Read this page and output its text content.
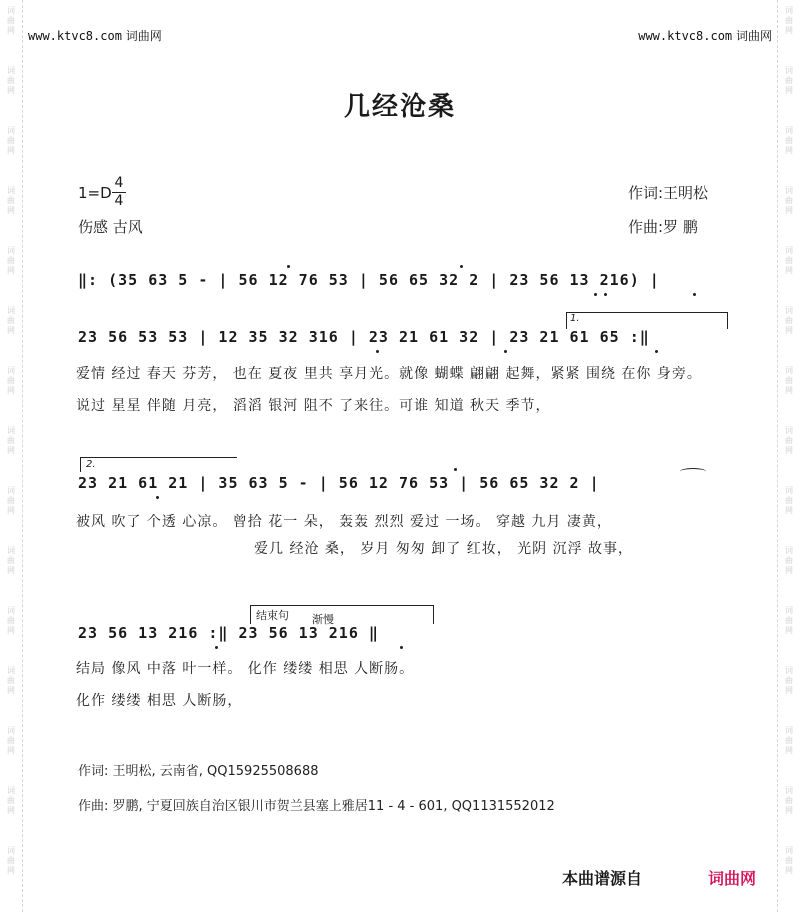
词
曲
网
词
曲
网
词
曲
网
词
曲
网
词
曲
网
词
曲
网
词
曲
网
词
曲
网
词
曲
网
词
曲
网
词
曲
网
词
曲
网
词
曲
网
词
曲
网
词
曲
网
词
曲
网
词
曲
网
词
曲
网
词
曲
网
词
曲
网
词
曲
网
词
曲
网
词
曲
网
词
曲
网
词
曲
网
词
曲
网
词
曲
网
词
曲
网
词
曲
网
词
曲
网
www.ktvc8.com 词曲网	www.ktvc8.com 词曲网
几经沧桑
1=D
4
4
伤感 古风
作词:王明松
作曲:罗 鹏
‖: (35 63 5 - | 56 12 76 53 | 56 65 32 2 | 23 56 13 216) |
1.
23 56 53 53 | 12 35 32 316 | 23 21 61 32 | 23 21 61 65 :‖
爱情 经过 春天 芬芳， 也在 夏夜 里共 享月光。就像 蝴蝶 翩翩 起舞，紧紧 围绕 在你 身旁。
说过 星星 伴随 月亮， 滔滔 银河 阻不 了来往。可谁 知道 秋天 季节，
2.
23 21 61 21 | 35 63 5 - | 56 12 76 53 | 56 65 32 2 |
被风 吹了 个透 心凉。 曾拾 花一 朵， 轰轰 烈烈 爱过 一场。 穿越 九月 凄黄，
爱几 经沧 桑， 岁月 匆匆 卸了 红妆， 光阴 沉浮 故事，
结束句 渐慢
23 56 13 216 :‖ 23 56 13 216 ‖
结局 像风 中落 叶一样。 化作 缕缕 相思 人断肠。
化作 缕缕 相思 人断肠，
作词: 王明松, 云南省, QQ15925508688
作曲: 罗鹏, 宁夏回族自治区银川市贺兰县塞上雅居11 - 4 - 601, QQ1131552012
本曲谱源自	词曲网
